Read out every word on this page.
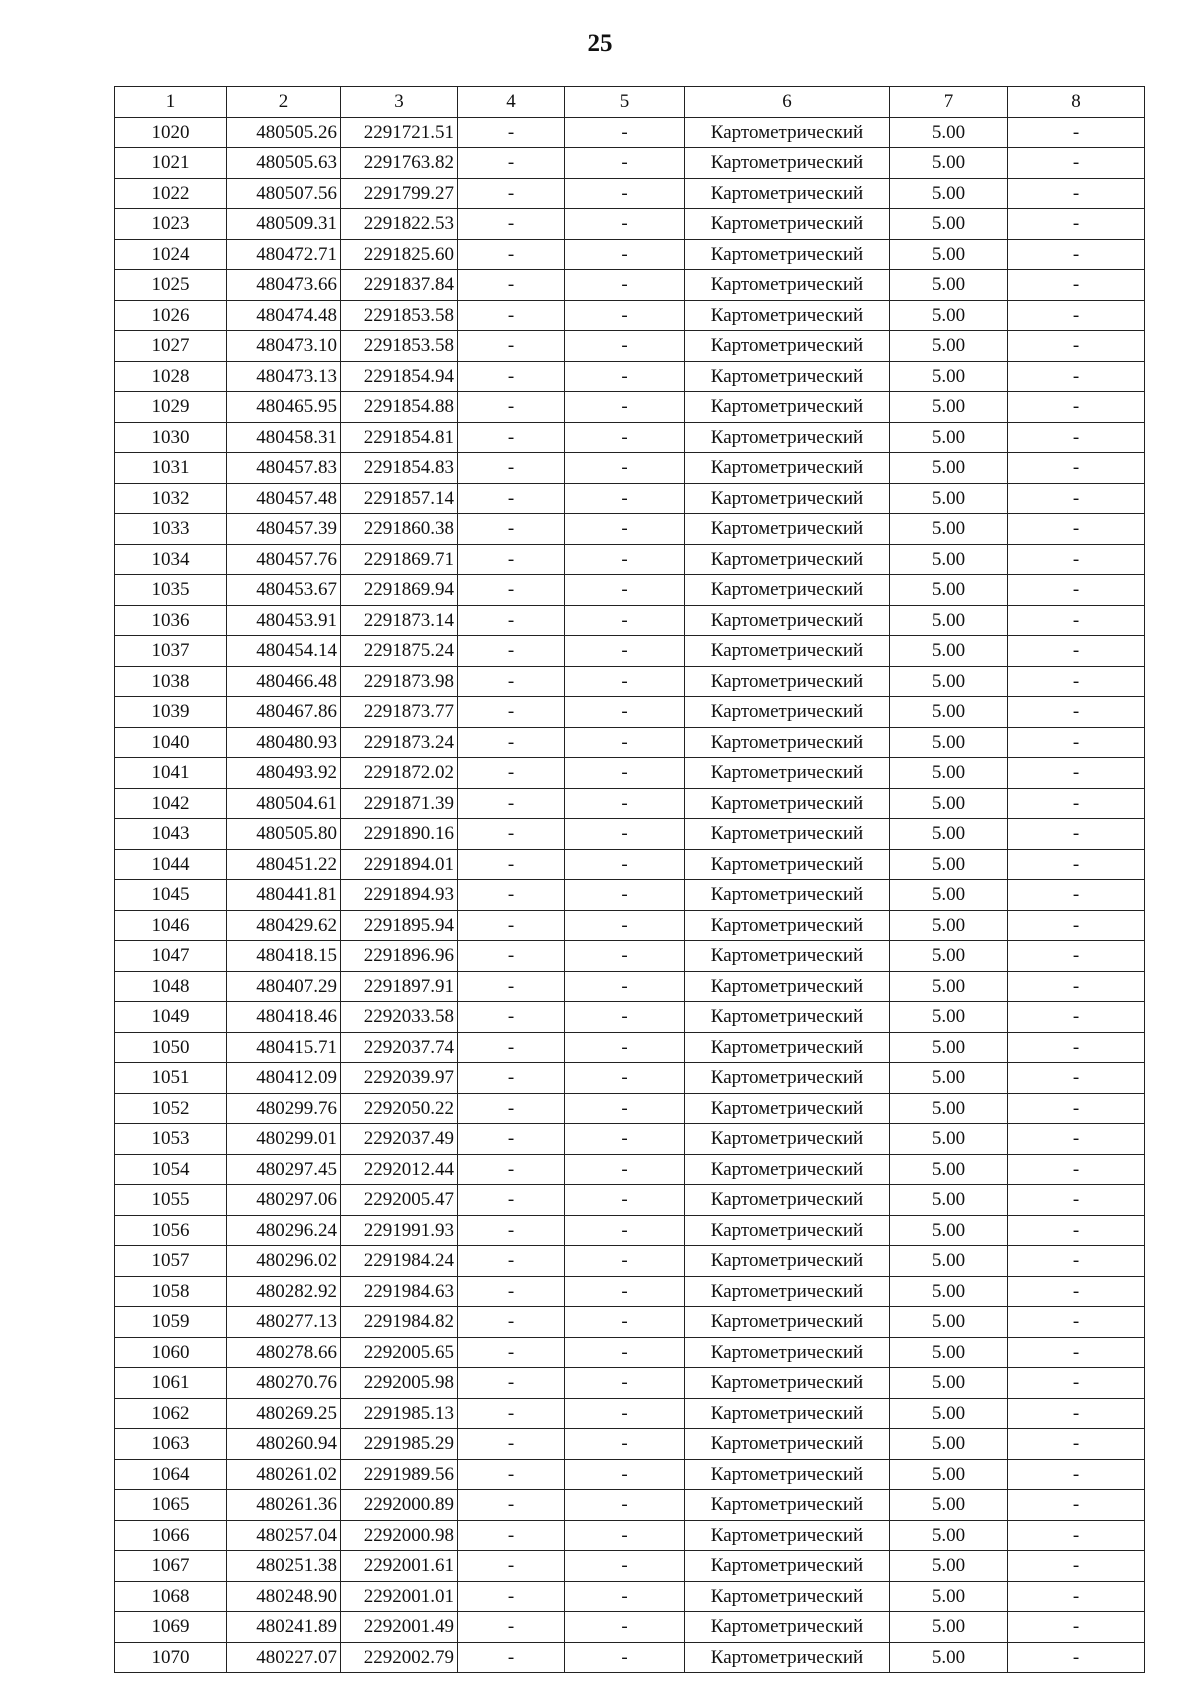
25
1	2	3	4	5	6	7	8
1020	480505.26	2291721.51	-	-	Картометрический	5.00	-
1021	480505.63	2291763.82	-	-	Картометрический	5.00	-
1022	480507.56	2291799.27	-	-	Картометрический	5.00	-
1023	480509.31	2291822.53	-	-	Картометрический	5.00	-
1024	480472.71	2291825.60	-	-	Картометрический	5.00	-
1025	480473.66	2291837.84	-	-	Картометрический	5.00	-
1026	480474.48	2291853.58	-	-	Картометрический	5.00	-
1027	480473.10	2291853.58	-	-	Картометрический	5.00	-
1028	480473.13	2291854.94	-	-	Картометрический	5.00	-
1029	480465.95	2291854.88	-	-	Картометрический	5.00	-
1030	480458.31	2291854.81	-	-	Картометрический	5.00	-
1031	480457.83	2291854.83	-	-	Картометрический	5.00	-
1032	480457.48	2291857.14	-	-	Картометрический	5.00	-
1033	480457.39	2291860.38	-	-	Картометрический	5.00	-
1034	480457.76	2291869.71	-	-	Картометрический	5.00	-
1035	480453.67	2291869.94	-	-	Картометрический	5.00	-
1036	480453.91	2291873.14	-	-	Картометрический	5.00	-
1037	480454.14	2291875.24	-	-	Картометрический	5.00	-
1038	480466.48	2291873.98	-	-	Картометрический	5.00	-
1039	480467.86	2291873.77	-	-	Картометрический	5.00	-
1040	480480.93	2291873.24	-	-	Картометрический	5.00	-
1041	480493.92	2291872.02	-	-	Картометрический	5.00	-
1042	480504.61	2291871.39	-	-	Картометрический	5.00	-
1043	480505.80	2291890.16	-	-	Картометрический	5.00	-
1044	480451.22	2291894.01	-	-	Картометрический	5.00	-
1045	480441.81	2291894.93	-	-	Картометрический	5.00	-
1046	480429.62	2291895.94	-	-	Картометрический	5.00	-
1047	480418.15	2291896.96	-	-	Картометрический	5.00	-
1048	480407.29	2291897.91	-	-	Картометрический	5.00	-
1049	480418.46	2292033.58	-	-	Картометрический	5.00	-
1050	480415.71	2292037.74	-	-	Картометрический	5.00	-
1051	480412.09	2292039.97	-	-	Картометрический	5.00	-
1052	480299.76	2292050.22	-	-	Картометрический	5.00	-
1053	480299.01	2292037.49	-	-	Картометрический	5.00	-
1054	480297.45	2292012.44	-	-	Картометрический	5.00	-
1055	480297.06	2292005.47	-	-	Картометрический	5.00	-
1056	480296.24	2291991.93	-	-	Картометрический	5.00	-
1057	480296.02	2291984.24	-	-	Картометрический	5.00	-
1058	480282.92	2291984.63	-	-	Картометрический	5.00	-
1059	480277.13	2291984.82	-	-	Картометрический	5.00	-
1060	480278.66	2292005.65	-	-	Картометрический	5.00	-
1061	480270.76	2292005.98	-	-	Картометрический	5.00	-
1062	480269.25	2291985.13	-	-	Картометрический	5.00	-
1063	480260.94	2291985.29	-	-	Картометрический	5.00	-
1064	480261.02	2291989.56	-	-	Картометрический	5.00	-
1065	480261.36	2292000.89	-	-	Картометрический	5.00	-
1066	480257.04	2292000.98	-	-	Картометрический	5.00	-
1067	480251.38	2292001.61	-	-	Картометрический	5.00	-
1068	480248.90	2292001.01	-	-	Картометрический	5.00	-
1069	480241.89	2292001.49	-	-	Картометрический	5.00	-
1070	480227.07	2292002.79	-	-	Картометрический	5.00	-
